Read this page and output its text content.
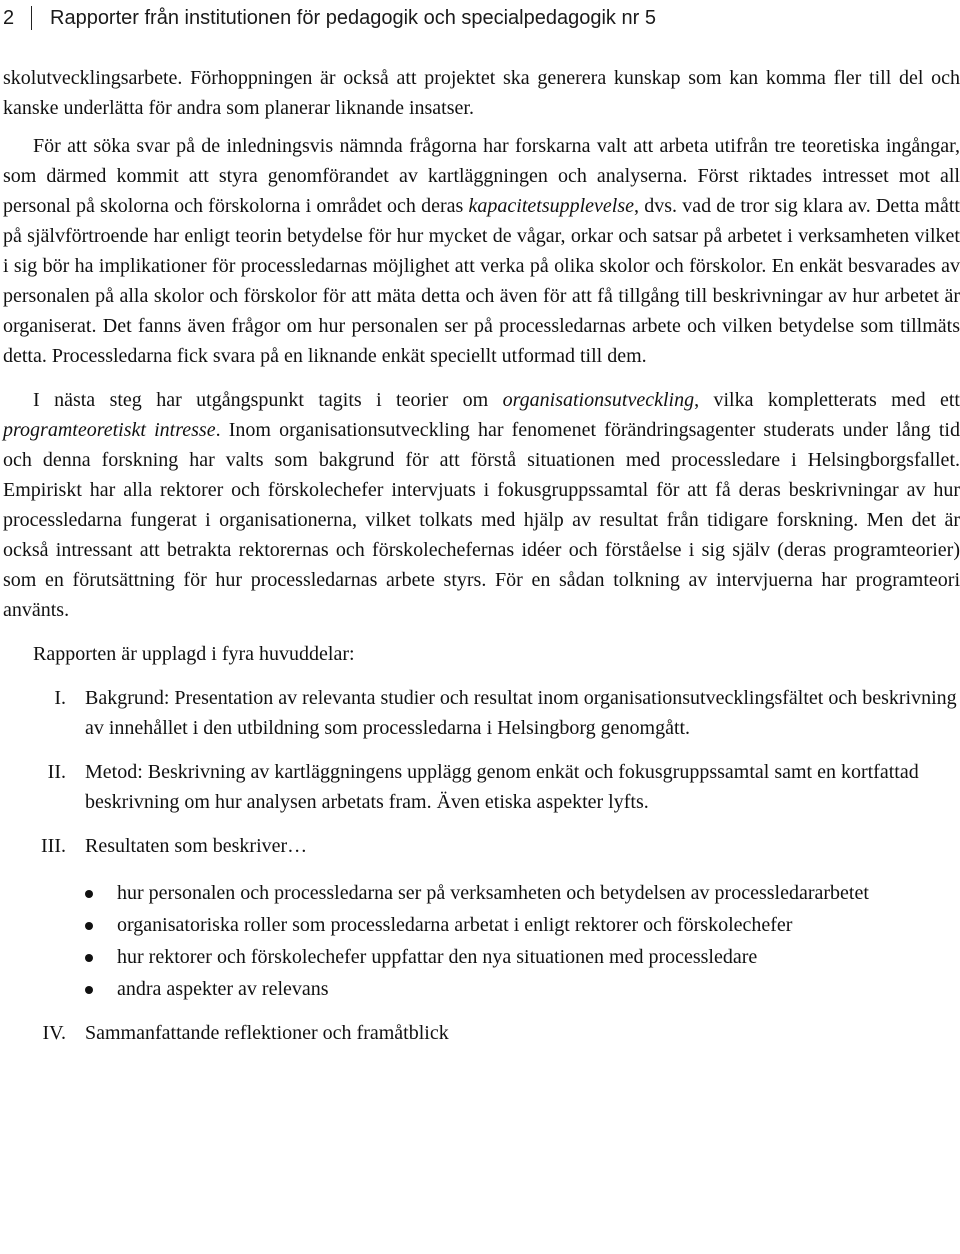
2	Rapporter från institutionen för pedagogik och specialpedagogik nr 5

skolutvecklingsarbete. Förhoppningen är också att projektet ska generera kunskap som kan komma fler till del och kanske underlätta för andra som planerar liknande insatser.

För att söka svar på de inledningsvis nämnda frågorna har forskarna valt att arbeta utifrån tre teoretiska ingångar, som därmed kommit att styra genomförandet av kartläggningen och analyserna. Först riktades intresset mot all personal på skolorna och förskolorna i området och deras kapacitetsupplevelse, dvs. vad de tror sig klara av. Detta mått på självförtroende har enligt teorin betydelse för hur mycket de vågar, orkar och satsar på arbetet i verksamheten vilket i sig bör ha implikationer för processledarnas möjlighet att verka på olika skolor och förskolor. En enkät besvarades av personalen på alla skolor och förskolor för att mäta detta och även för att få tillgång till beskrivningar av hur arbetet är organiserat. Det fanns även frågor om hur personalen ser på processledarnas arbete och vilken betydelse som tillmäts detta. Processledarna fick svara på en liknande enkät speciellt utformad till dem.

I nästa steg har utgångspunkt tagits i teorier om organisationsutveckling, vilka kompletterats med ett programteoretiskt intresse. Inom organisationsutveckling har fenomenet förändringsagenter studerats under lång tid och denna forskning har valts som bakgrund för att förstå situationen med processledare i Helsingborgsfallet. Empiriskt har alla rektorer och förskolechefer intervjuats i fokusgruppssamtal för att få deras beskrivningar av hur processledarna fungerat i organisationerna, vilket tolkats med hjälp av resultat från tidigare forskning. Men det är också intressant att betrakta rektorernas och förskolechefernas idéer och förståelse i sig själv (deras programteorier) som en förutsättning för hur processledarnas arbete styrs. För en sådan tolkning av intervjuerna har programteori använts.

Rapporten är upplagd i fyra huvuddelar:

I. Bakgrund: Presentation av relevanta studier och resultat inom organisationsutvecklingsfältet och beskrivning av innehållet i den utbildning som processledarna i Helsingborg genomgått.
II. Metod: Beskrivning av kartläggningens upplägg genom enkät och fokusgruppssamtal samt en kortfattad beskrivning om hur analysen arbetats fram. Även etiska aspekter lyfts.
III. Resultaten som beskriver…
hur personalen och processledarna ser på verksamheten och betydelsen av processledararbetet
organisatoriska roller som processledarna arbetat i enligt rektorer och förskolechefer
hur rektorer och förskolechefer uppfattar den nya situationen med processledare
andra aspekter av relevans
IV. Sammanfattande reflektioner och framåtblick
